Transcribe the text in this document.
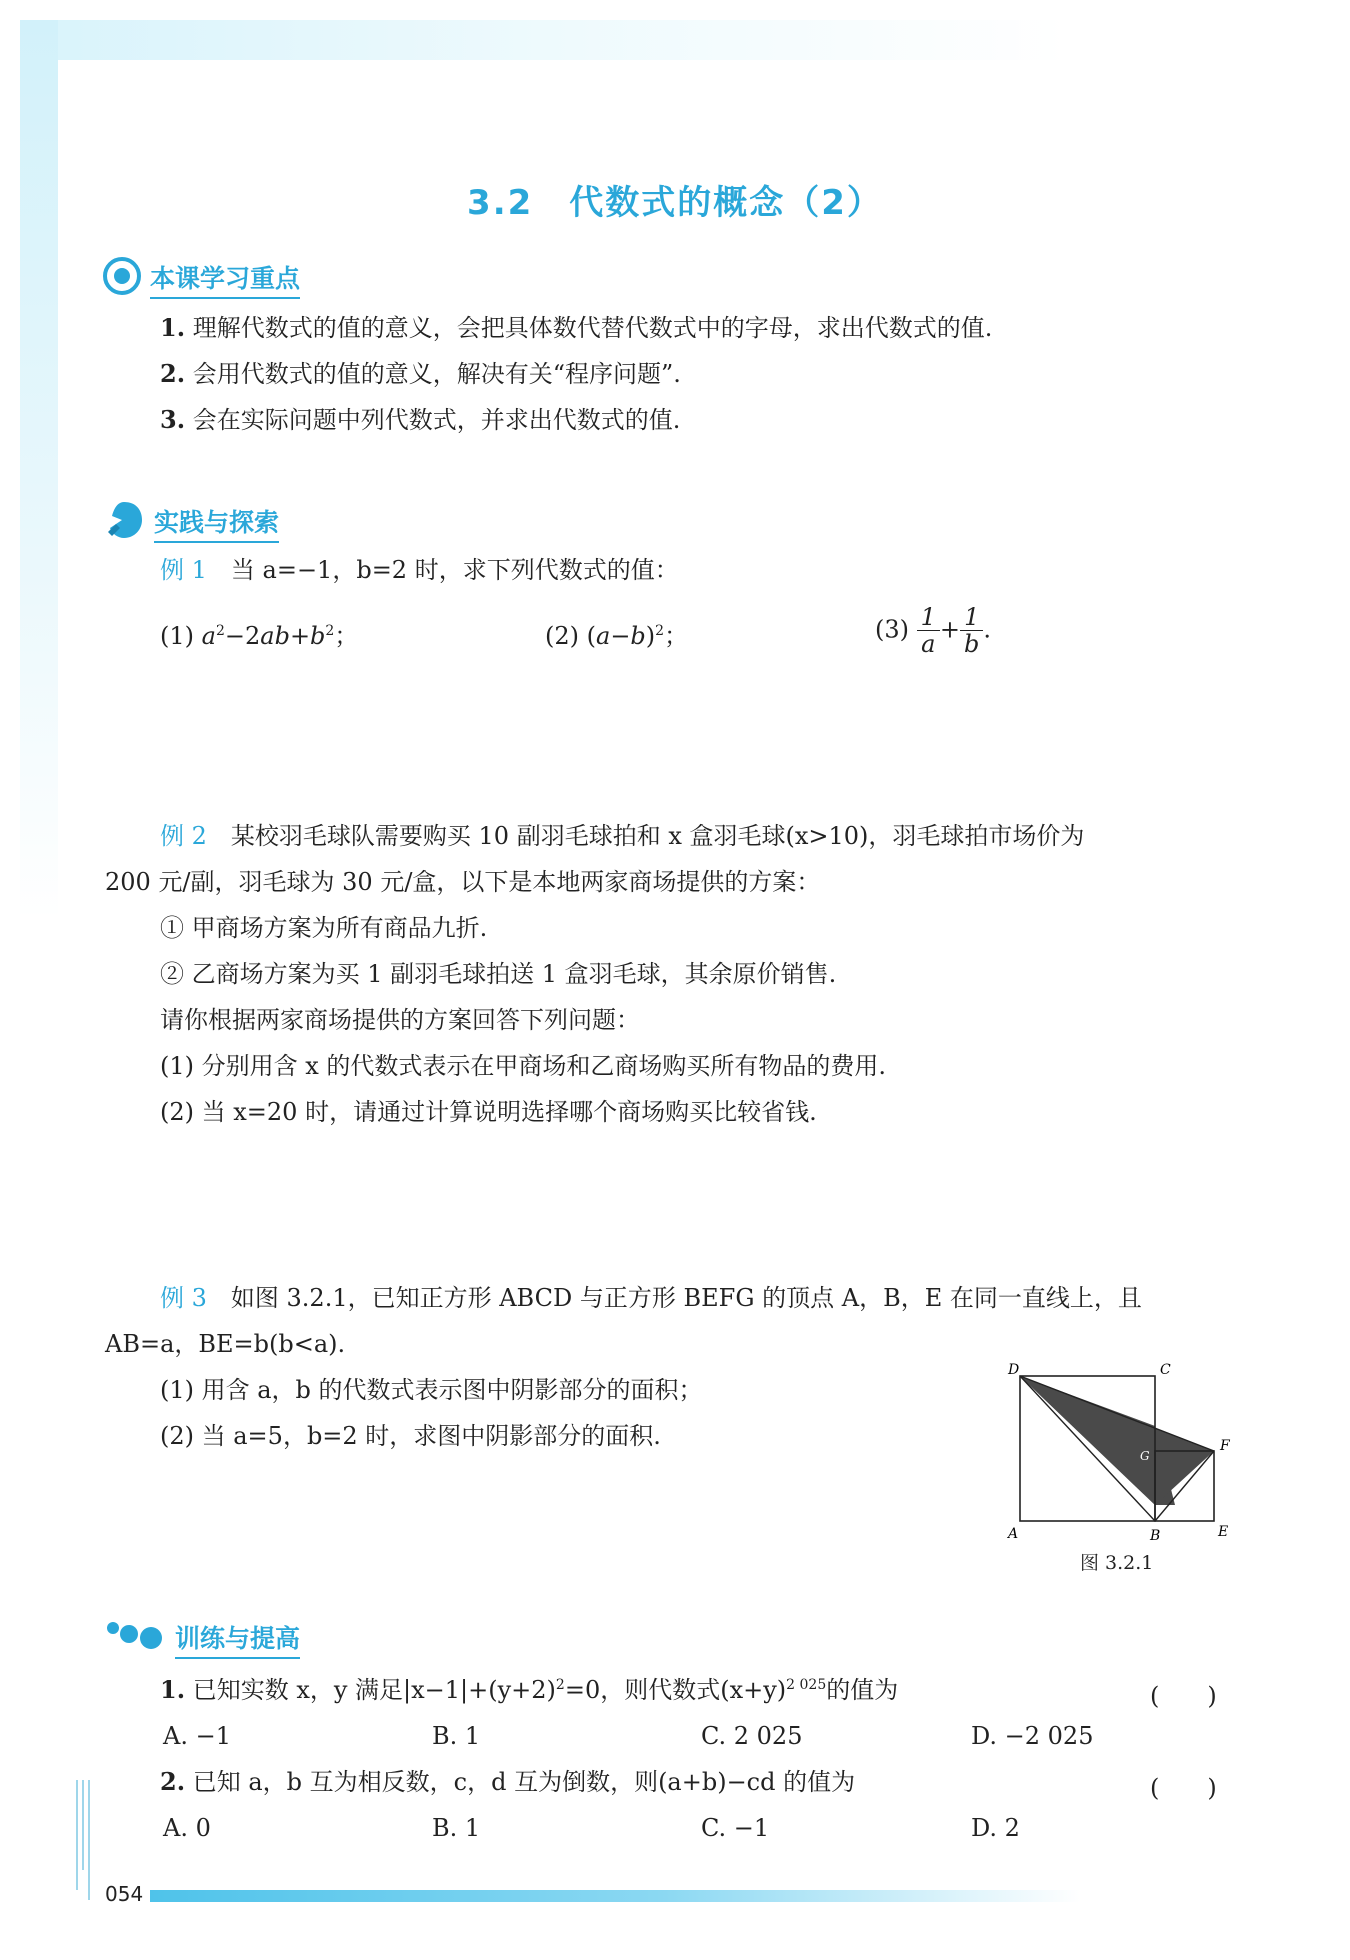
3.2　代数式的概念（2）
本课学习重点
1. 理解代数式的值的意义，会把具体数代替代数式中的字母，求出代数式的值.
2. 会用代数式的值的意义，解决有关“程序问题”.
3. 会在实际问题中列代数式，并求出代数式的值.
实践与探索
例 1　 当 a=−1，b=2 时，求下列代数式的值：
(1) $a^2-2ab+b^2$；	(2) $(a-b)^2$；	$(3) \frac{1}{a} + \frac{1}{b}$ .
例 2　 某校羽毛球队需要购买 10 副羽毛球拍和 x 盒羽毛球(x>10)，羽毛球拍市场价为
200 元/副，羽毛球为 30 元/盒，以下是本地两家商场提供的方案：
① 甲商场方案为所有商品九折.
② 乙商场方案为买 1 副羽毛球拍送 1 盒羽毛球，其余原价销售.
请你根据两家商场提供的方案回答下列问题：
(1) 分别用含 x 的代数式表示在甲商场和乙商场购买所有物品的费用.
(2) 当 x=20 时，请通过计算说明选择哪个商场购买比较省钱.
例 3　 如图 3.2.1，已知正方形 ABCD 与正方形 BEFG 的顶点 A，B，E 在同一直线上，且
AB=a，BE=b(b<a).
(1) 用含 a，b 的代数式表示图中阴影部分的面积；
(2) 当 a=5，b=2 时，求图中阴影部分的面积.
D	C
A	B	E
F
G
图 3.2.1
训练与提高
1. 已知实数 x，y 满足$|x-1|+(y+2)^2=0$，则代数式$(x+y)^{2 025}$的值为	(　　)
A. −1	B. 1	C. 2 025	D. −2 025
2. 已知 a，b 互为相反数，c，d 互为倒数，则(a+b)−cd 的值为	(　　)
A. 0	B. 1	C. −1	D. 2
054
